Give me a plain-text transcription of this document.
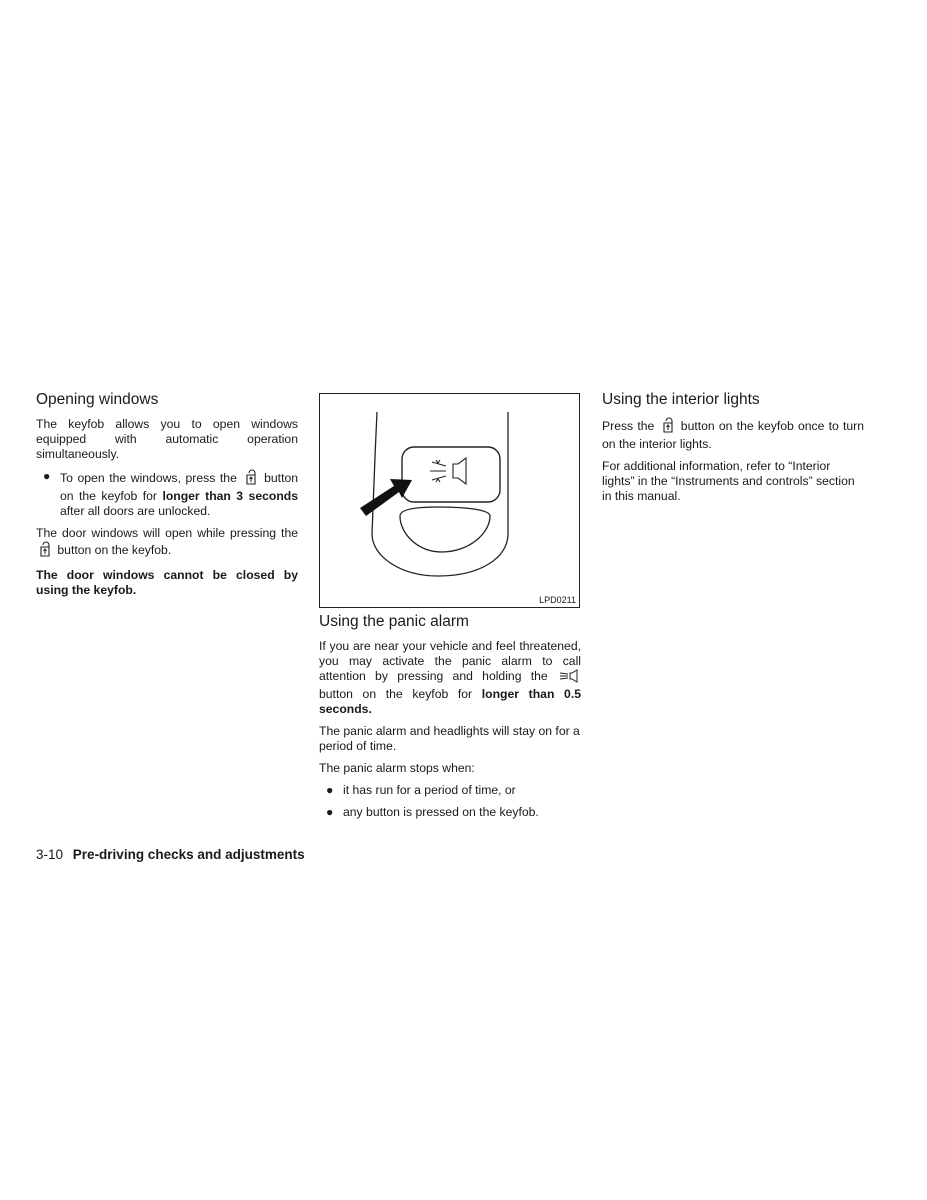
Opening windows

The keyfob allows you to open windows equipped with automatic operation simultaneously.

● To open the windows, press the button on the keyfob for longer than 3 seconds after all doors are unlocked.

The door windows will open while pressing the  button on the keyfob.

The door windows cannot be closed by using the keyfob.

LPD0211
Using the panic alarm

If you are near your vehicle and feel threatened, you may activate the panic alarm to call attention by pressing and holding the  button on the keyfob for longer than 0.5 seconds.

The panic alarm and headlights will stay on for a period of time.

The panic alarm stops when:

● it has run for a period of time, or
● any button is pressed on the keyfob.
Using the interior lights

Press the button on the keyfob once to turn on the interior lights.

For additional information, refer to “Interior lights” in the “Instruments and controls” section in this manual.

3-10 Pre-driving checks and adjustments
